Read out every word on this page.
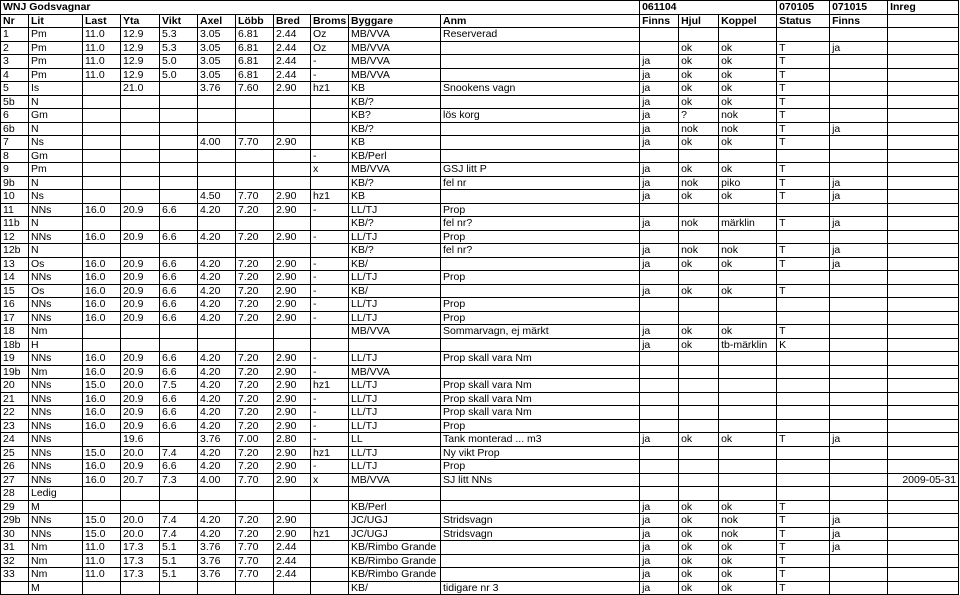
WNJ Godsvagnar											061104			070105	071015	Inreg
Nr	Lit	Last	Yta	Vikt	Axel	Löbb	Bred	Broms	Byggare	Anm	Finns	Hjul	Koppel	Status	Finns	
1	Pm	11.0	12.9	5.3	3.05	6.81	2.44	Oz	MB/VVA	Reserverad						
2	Pm	11.0	12.9	5.3	3.05	6.81	2.44	Oz	MB/VVA			ok	ok	T	ja	
3	Pm	11.0	12.9	5.0	3.05	6.81	2.44	-	MB/VVA		ja	ok	ok	T		
4	Pm	11.0	12.9	5.0	3.05	6.81	2.44	-	MB/VVA		ja	ok	ok	T		
5	Is		21.0		3.76	7.60	2.90	hz1	KB	Snookens vagn	ja	ok	ok	T		
5b	N								KB/?		ja	ok	ok	T		
6	Gm								KB?	lös korg	ja	?	nok	T		
6b	N								KB/?		ja	nok	nok	T	ja	
7	Ns				4.00	7.70	2.90		KB		ja	ok	ok	T		
8	Gm							-	KB/Perl							
9	Pm							x	MB/VVA	GSJ litt P	ja	ok	ok	T		
9b	N								KB/?	fel nr	ja	nok	piko	T	ja	
10	Ns				4.50	7.70	2.90	hz1	KB		ja	ok	ok	T	ja	
11	NNs	16.0	20.9	6.6	4.20	7.20	2.90	-	LL/TJ	Prop						
11b	N								KB/?	fel nr?	ja	nok	märklin	T	ja	
12	NNs	16.0	20.9	6.6	4.20	7.20	2.90	-	LL/TJ	Prop						
12b	N								KB/?	fel nr?	ja	nok	nok	T	ja	
13	Os	16.0	20.9	6.6	4.20	7.20	2.90	-	KB/		ja	ok	ok	T	ja	
14	NNs	16.0	20.9	6.6	4.20	7.20	2.90	-	LL/TJ	Prop						
15	Os	16.0	20.9	6.6	4.20	7.20	2.90	-	KB/		ja	ok	ok	T		
16	NNs	16.0	20.9	6.6	4.20	7.20	2.90	-	LL/TJ	Prop						
17	NNs	16.0	20.9	6.6	4.20	7.20	2.90	-	LL/TJ	Prop						
18	Nm								MB/VVA	Sommarvagn, ej märkt	ja	ok	ok	T		
18b	H										ja	ok	tb-märklin	K		
19	NNs	16.0	20.9	6.6	4.20	7.20	2.90	-	LL/TJ	Prop skall vara Nm						
19b	Nm	16.0	20.9	6.6	4.20	7.20	2.90	-	MB/VVA							
20	NNs	15.0	20.0	7.5	4.20	7.20	2.90	hz1	LL/TJ	Prop skall vara Nm						
21	NNs	16.0	20.9	6.6	4.20	7.20	2.90	-	LL/TJ	Prop skall vara Nm						
22	NNs	16.0	20.9	6.6	4.20	7.20	2.90	-	LL/TJ	Prop skall vara Nm						
23	NNs	16.0	20.9	6.6	4.20	7.20	2.90	-	LL/TJ	Prop						
24	NNs		19.6		3.76	7.00	2.80	-	LL	Tank monterad ... m3	ja	ok	ok	T	ja	
25	NNs	15.0	20.0	7.4	4.20	7.20	2.90	hz1	LL/TJ	Ny vikt Prop						
26	NNs	16.0	20.9	6.6	4.20	7.20	2.90	-	LL/TJ	Prop						
27	NNs	16.0	20.7	7.3	4.00	7.70	2.90	x	MB/VVA	SJ litt NNs						2009-05-31
28	Ledig															
29	M								KB/Perl		ja	ok	ok	T		
29b	NNs	15.0	20.0	7.4	4.20	7.20	2.90		JC/UGJ	Stridsvagn	ja	ok	nok	T	ja	
30	NNs	15.0	20.0	7.4	4.20	7.20	2.90	hz1	JC/UGJ	Stridsvagn	ja	ok	nok	T	ja	
31	Nm	11.0	17.3	5.1	3.76	7.70	2.44		KB/Rimbo Grande		ja	ok	ok	T	ja	
32	Nm	11.0	17.3	5.1	3.76	7.70	2.44		KB/Rimbo Grande		ja	ok	ok	T		
33	Nm	11.0	17.3	5.1	3.76	7.70	2.44		KB/Rimbo Grande		ja	ok	ok	T		
	M								KB/	tidigare nr 3	ja	ok	ok	T		
